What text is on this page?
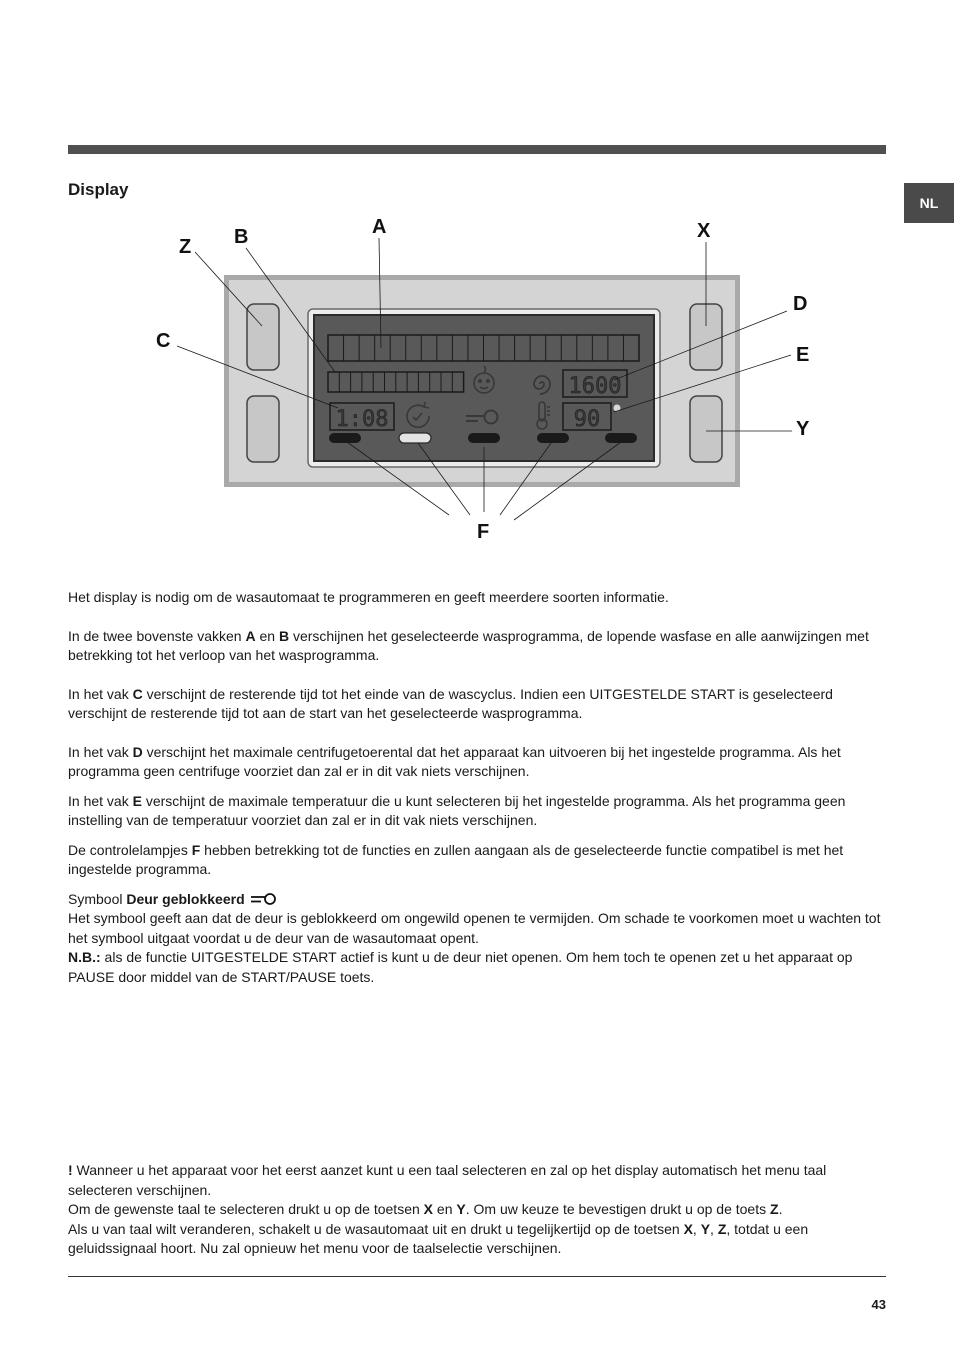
NL
Display
1:08
1600
90
A
B
Z
C
X
D
E
Y
F

Het display is nodig om de wasautomaat te programmeren en geeft meerdere soorten informatie.

In de twee bovenste vakken A en B verschijnen het geselecteerde wasprogramma, de lopende wasfase en alle aanwijzingen met betrekking tot het verloop van het wasprogramma.

In het vak C verschijnt de resterende tijd tot het einde van de wascyclus. Indien een UITGESTELDE START is geselecteerd verschijnt de resterende tijd tot aan de start van het geselecteerde wasprogramma.

In het vak D verschijnt het maximale centrifugetoerental dat het apparaat kan uitvoeren bij het ingestelde programma. Als het programma geen centrifuge voorziet dan zal er in dit vak niets verschijnen.

In het vak E verschijnt de maximale temperatuur die u kunt selecteren bij het ingestelde programma. Als het programma geen instelling van de temperatuur voorziet dan zal er in dit vak niets verschijnen.

De controlelampjes F hebben betrekking tot de functies en zullen aangaan als de geselecteerde functie compatibel is met het ingestelde programma.

Symbool Deur geblokkeerd
Het symbool geeft aan dat de deur is geblokkeerd om ongewild openen te vermijden. Om schade te voorkomen moet u wachten tot het symbool uitgaat voordat u de deur van de wasautomaat opent.
N.B.: als de functie UITGESTELDE START actief is kunt u de deur niet openen. Om hem toch te openen zet u het apparaat op PAUSE door middel van de START/PAUSE toets.

! Wanneer u het apparaat voor het eerst aanzet kunt u een taal selecteren en zal op het display automatisch het menu taal selecteren verschijnen.

Om de gewenste taal te selecteren drukt u op de toetsen X en Y. Om uw keuze te bevestigen drukt u op de toets Z.

Als u van taal wilt veranderen, schakelt u de wasautomaat uit en drukt u tegelijkertijd op de toetsen X, Y, Z, totdat u een geluidssignaal hoort. Nu zal opnieuw het menu voor de taalselectie verschijnen.

43
